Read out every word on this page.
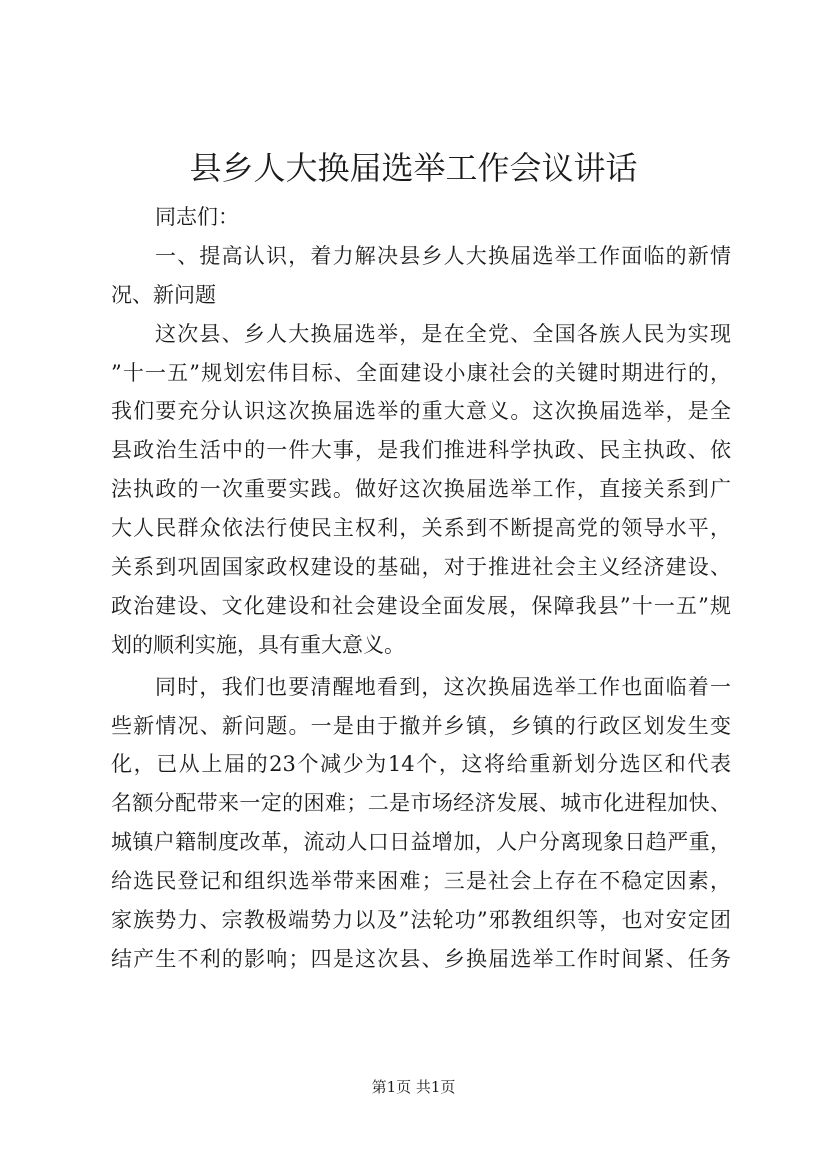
县乡人大换届选举工作会议讲话
同志们：
一、提高认识，着力解决县乡人大换届选举工作面临的新情
况、新问题
这次县、乡人大换届选举，是在全党、全国各族人民为实现
”十一五”规划宏伟目标、全面建设小康社会的关键时期进行的，
我们要充分认识这次换届选举的重大意义。这次换届选举，是全
县政治生活中的一件大事，是我们推进科学执政、民主执政、依
法执政的一次重要实践。做好这次换届选举工作，直接关系到广
大人民群众依法行使民主权利，关系到不断提高党的领导水平，
关系到巩固国家政权建设的基础，对于推进社会主义经济建设、
政治建设、文化建设和社会建设全面发展，保障我县”十一五”规
划的顺利实施，具有重大意义。
同时，我们也要清醒地看到，这次换届选举工作也面临着一
些新情况、新问题。一是由于撤并乡镇，乡镇的行政区划发生变
化，已从上届的23个减少为14个，这将给重新划分选区和代表
名额分配带来一定的困难；二是市场经济发展、城市化进程加快、
城镇户籍制度改革，流动人口日益增加，人户分离现象日趋严重，
给选民登记和组织选举带来困难；三是社会上存在不稳定因素，
家族势力、宗教极端势力以及”法轮功”邪教组织等，也对安定团
结产生不利的影响；四是这次县、乡换届选举工作时间紧、任务
第1页 共1页
